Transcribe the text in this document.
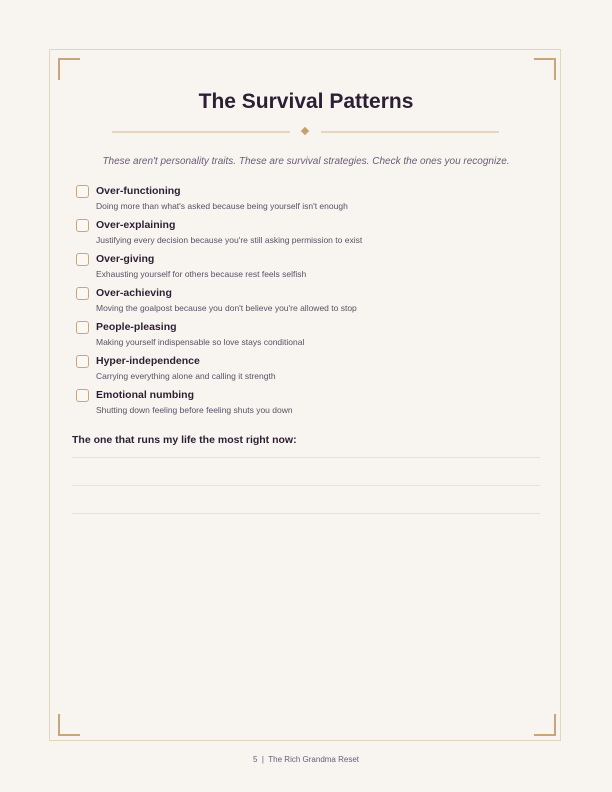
The Survival Patterns
These aren't personality traits. These are survival strategies. Check the ones you recognize.
Over-functioning
Doing more than what's asked because being yourself isn't enough
Over-explaining
Justifying every decision because you're still asking permission to exist
Over-giving
Exhausting yourself for others because rest feels selfish
Over-achieving
Moving the goalpost because you don't believe you're allowed to stop
People-pleasing
Making yourself indispensable so love stays conditional
Hyper-independence
Carrying everything alone and calling it strength
Emotional numbing
Shutting down feeling before feeling shuts you down
The one that runs my life the most right now:
5 | The Rich Grandma Reset
